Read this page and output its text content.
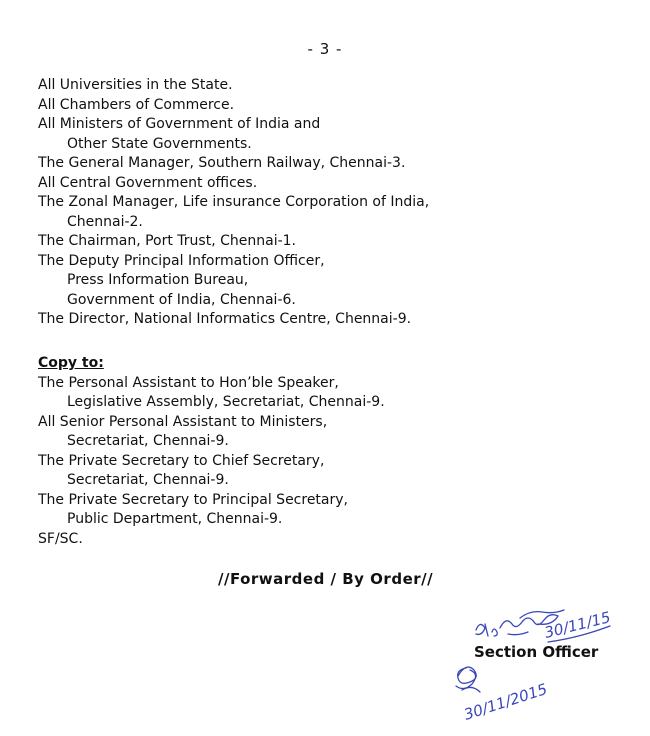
- 3 -
All Universities in the State.
All Chambers of Commerce.
All Ministers of Government of India and
Other State Governments.
The General Manager, Southern Railway, Chennai-3.
All Central Government offices.
The Zonal Manager, Life insurance Corporation of India,
Chennai-2.
The Chairman, Port Trust, Chennai-1.
The Deputy Principal Information Officer,
Press Information Bureau,
Government of India, Chennai-6.
The Director, National Informatics Centre, Chennai-9.
Copy to:
The Personal Assistant to Hon’ble Speaker,
Legislative Assembly, Secretariat, Chennai-9.
All Senior Personal Assistant to Ministers,
Secretariat, Chennai-9.
The Private Secretary to Chief Secretary,
Secretariat, Chennai-9.
The Private Secretary to Principal Secretary,
Public Department, Chennai-9.
SF/SC.
//Forwarded / By Order//
30/11/15
30/11/2015
Section Officer
